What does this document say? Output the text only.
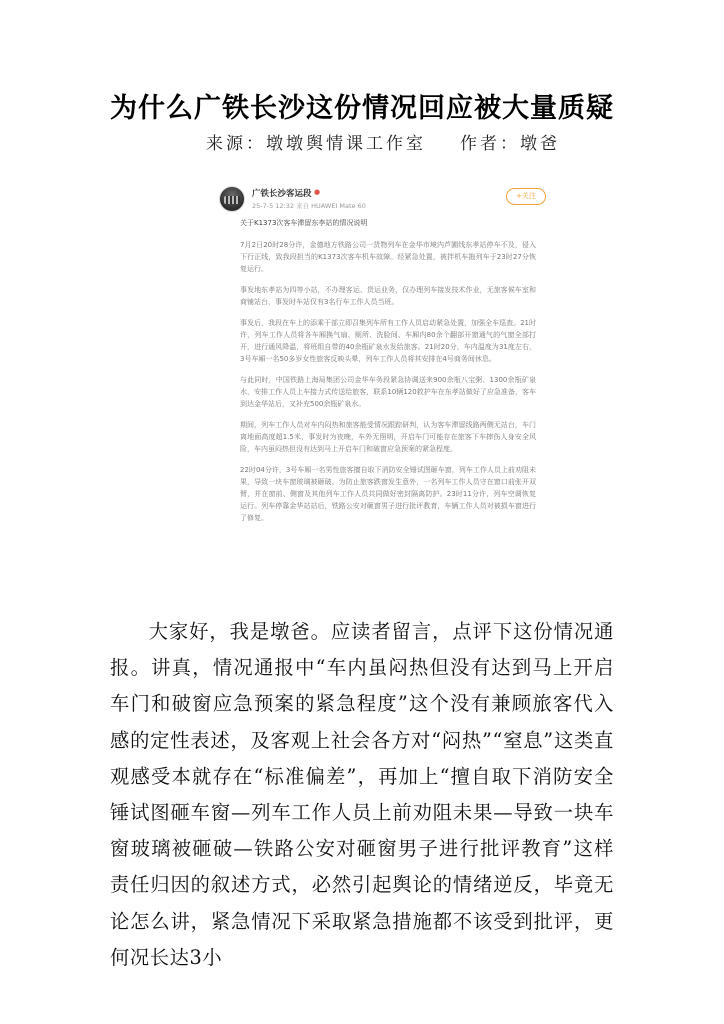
为什么广铁长沙这份情况回应被大量质疑
来源：墩墩舆情课工作室 作者：墩爸
广铁长沙客运段 ●
25-7-5 12:32 来自 HUAWEI Mate 60
+关注
关于K1373次客车滞留东李站的情况说明
7月2日20时28分许，金德地方铁路公司一货物列车在金华市境内芦圃线东孝站停车不及，侵入下行正线，致我段担当的K1373次客车机车故障。经紧急处置，被拌机车拖列车于23时27分恢复运行。
事发地东孝站为四等小站，不办理客运、货运业务，仅办理列车接发技术作业，无旅客候车室和商铺站台，事发时车站仅有3名行车工作人员当班。
事发后，我段在车上的添乘干部立即召集列车所有工作人员启动紧急处置，加强全车巡查。21时许，列车工作人员将各车厢换气扇、厕所、洗脸间、车厢内80余个翻部开窗通气的气窗全部打开，进行通风降温，将班组自带的40余瓶矿泉水发给旅客。21时20分，车内温度为31度左右，3号车厢一名50多岁女性旅客反映头晕，列车工作人员将其安排在4号商务间休息。
与此同时，中国铁路上海局集团公司金华车务段紧急协调送来900余瓶八宝粥、1300余瓶矿泉水，安排工作人员上车接力式传送给旅客，联系10辆120救护车在东孝站做好了应急准备，客车到达金华站后，又补充500余瓶矿泉水。
期间，列车工作人员对车内闷热和旅客能受情况跟踪研判，认为客车滞留线路两侧无站台，车门离地面高度超1.5米，事发时为夜晚，车外无照明，开启车门可能存在旅客下车摔伤人身安全风险，车内虽闷热但没有达到马上开启车门和破窗应急预案的紧急程度。
22时04分许，3号车厢一名男性旅客擅自取下消防安全锤试图砸车窗，列车工作人员上前劝阻未果，导致一块车窗玻璃被砸破。为防止旅客跌窗发生意外，一名列车工作人员守在窗口前张开双臂，并在窗前、侧窗及其他列车工作人员共同做好密封隔离防护。23时11分许，列车空调恢复运行。列车停靠金华站站后，铁路公安对砸窗男子进行批评教育，车辆工作人员对被损车窗进行了修复。
大家好，我是墩爸。应读者留言，点评下这份情况通报。讲真，情况通报中“车内虽闷热但没有达到马上开启车门和破窗应急预案的紧急程度”这个没有兼顾旅客代入感的定性表述，及客观上社会各方对“闷热”“窒息”这类直观感受本就存在“标准偏差”，再加上“擅自取下消防安全锤试图砸车窗—列车工作人员上前劝阻未果—导致一块车窗玻璃被砸破—铁路公安对砸窗男子进行批评教育”这样责任归因的叙述方式，必然引起舆论的情绪逆反，毕竟无论怎么讲，紧急情况下采取紧急措施都不该受到批评，更何况长达3小
